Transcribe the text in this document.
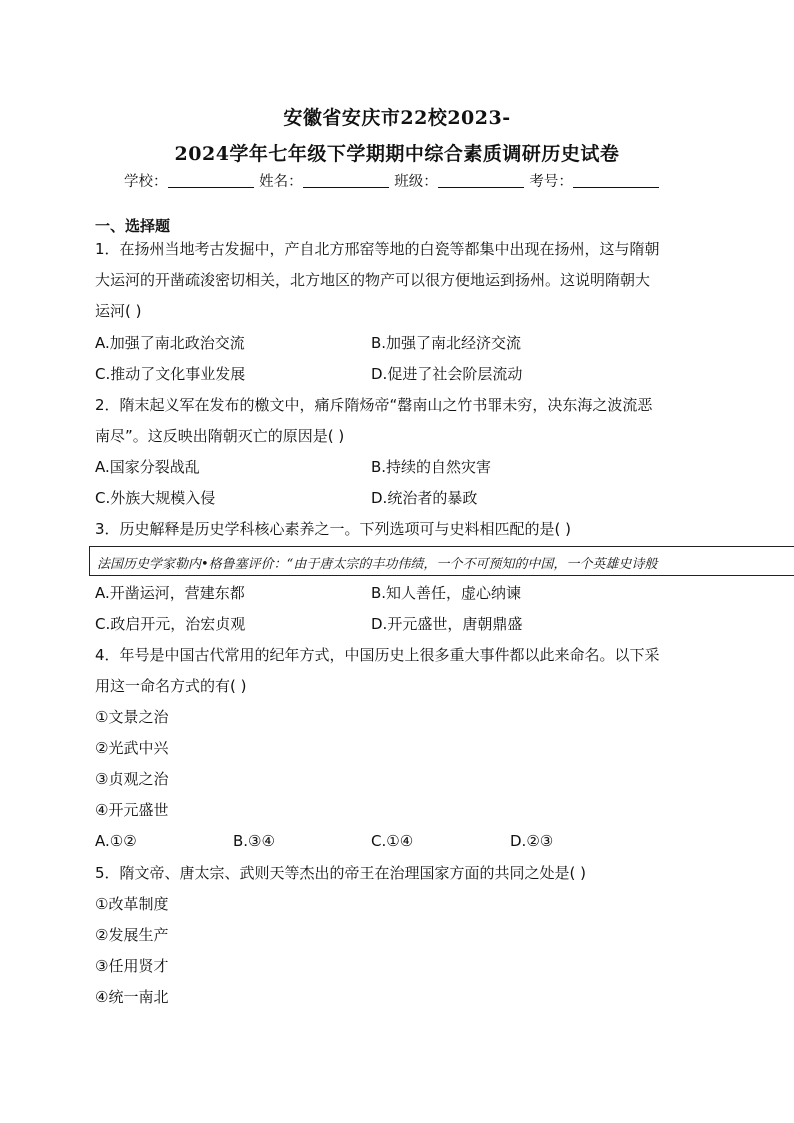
安徽省安庆市22校2023-
2024学年七年级下学期期中综合素质调研历史试卷
学校：	姓名：	班级：	考号：
一、选择题
1．在扬州当地考古发掘中，产自北方邢窑等地的白瓷等都集中出现在扬州，这与隋朝
大运河的开凿疏浚密切相关，北方地区的物产可以很方便地运到扬州。这说明隋朝大
运河( )
A.加强了南北政治交流	B.加强了南北经济交流
C.推动了文化事业发展	D.促进了社会阶层流动
2．隋末起义军在发布的檄文中，痛斥隋炀帝“罄南山之竹书罪未穷，决东海之波流恶
南尽”。这反映出隋朝灭亡的原因是( )
A.国家分裂战乱	B.持续的自然灾害
C.外族大规模入侵	D.统治者的暴政
3．历史解释是历史学科核心素养之一。下列选项可与史料相匹配的是( )
法国历史学家勒内•格鲁塞评价：“由于唐太宗的丰功伟绩，一个不可预知的中国，一个英雄史诗般
A.开凿运河，营建东都	B.知人善任，虚心纳谏
C.政启开元，治宏贞观	D.开元盛世，唐朝鼎盛
4．年号是中国古代常用的纪年方式，中国历史上很多重大事件都以此来命名。以下采
用这一命名方式的有( )
①文景之治
②光武中兴
③贞观之治
④开元盛世
A.①②	B.③④	C.①④	D.②③
5．隋文帝、唐太宗、武则天等杰出的帝王在治理国家方面的共同之处是( )
①改革制度
②发展生产
③任用贤才
④统一南北
